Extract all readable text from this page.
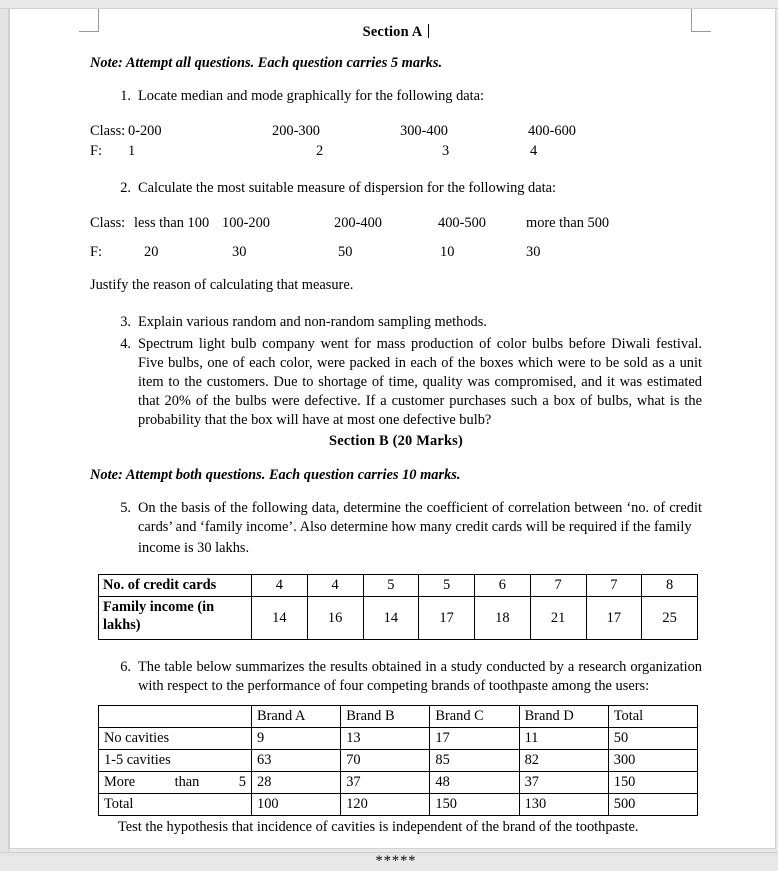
Section A

Note: Attempt all questions. Each question carries 5 marks.

1. Locate median and mode graphically for the following data:
Class: 0-200	200-300	300-400	400-600
F: 1	2	3	4
2. Calculate the most suitable measure of dispersion for the following data:
Class: less than 100 100-200	200-400	400-500	more than 500
F:	20	30	50	10	30
Justify the reason of calculating that measure.
3. Explain various random and non-random sampling methods.
4. Spectrum light bulb company went for mass production of color bulbs before Diwali festival. Five bulbs, one of each color, were packed in each of the boxes which were to be sold as a unit item to the customers. Due to shortage of time, quality was compromised, and it was estimated that 20% of the bulbs were defective. If a customer purchases such a box of bulbs, what is the probability that the box will have at most one defective bulb?
Section B (20 Marks)

Note: Attempt both questions. Each question carries 10 marks.

5. On the basis of the following data, determine the coefficient of correlation between ‘no. of credit cards’ and ‘family income’. Also determine how many credit cards will be required if the family
income is 30 lakhs.
No. of credit cards	4	4	5	5	6	7	7	8
Family income (in lakhs)	14	16	14	17	18	21	17	25
6. The table below summarizes the results obtained in a study conducted by a research organization with respect to the performance of four competing brands of toothpaste among the users:
	Brand A	Brand B	Brand C	Brand D	Total
No cavities	9	13	17	11	50
1-5 cavities	63	70	85	82	300
More than 5	28	37	48	37	150
Total	100	120	150	130	500
Test the hypothesis that incidence of cavities is independent of the brand of the toothpaste.
*****
